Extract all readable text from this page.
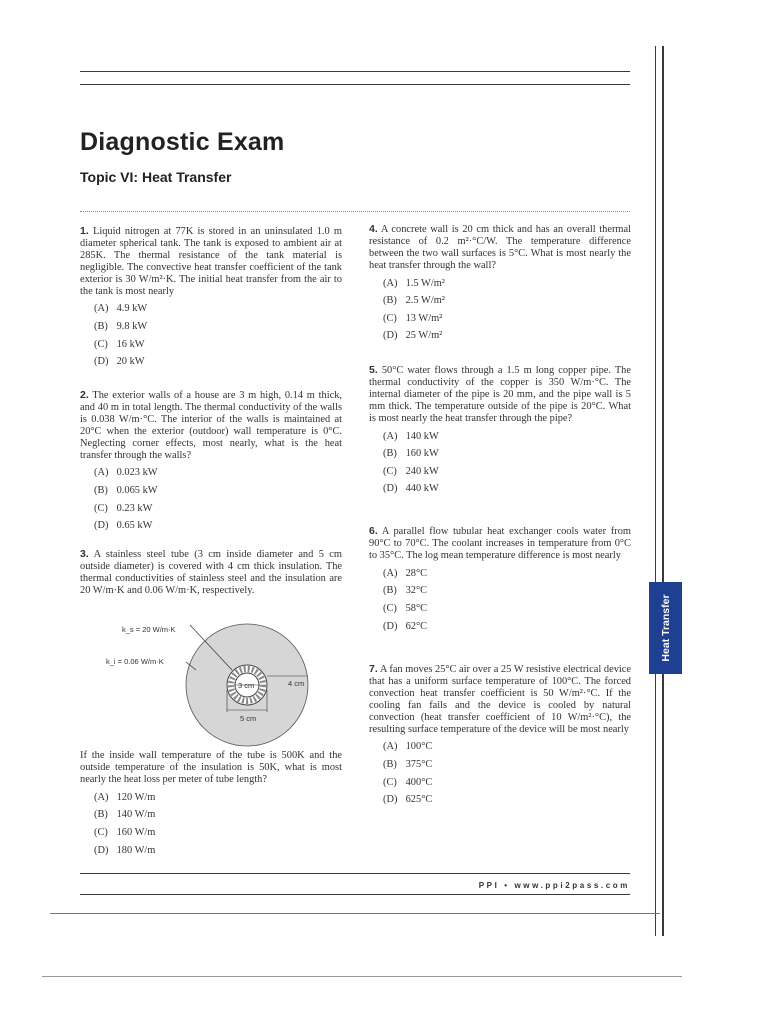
Diagnostic Exam
Topic VI: Heat Transfer
Heat Transfer
1. Liquid nitrogen at 77K is stored in an uninsulated 1.0 m diameter spherical tank. The tank is exposed to ambient air at 285K. The thermal resistance of the tank material is negligible. The convective heat transfer coefficient of the tank exterior is 30 W/m²·K. The initial heat transfer from the air to the tank is most nearly
(A) 4.9 kW
(B) 9.8 kW
(C) 16 kW
(D) 20 kW
2. The exterior walls of a house are 3 m high, 0.14 m thick, and 40 m in total length. The thermal conductivity of the walls is 0.038 W/m·°C. The interior of the walls is maintained at 20°C when the exterior (outdoor) wall temperature is 0°C. Neglecting corner effects, most nearly, what is the heat transfer through the walls?
(A) 0.023 kW
(B) 0.065 kW
(C) 0.23 kW
(D) 0.65 kW
3. A stainless steel tube (3 cm inside diameter and 5 cm outside diameter) is covered with 4 cm thick insulation. The thermal conductivities of stainless steel and the insulation are 20 W/m·K and 0.06 W/m·K, respectively.
k_s = 20 W/m·K
k_i = 0.06 W/m·K
3 cm	4 cm
5 cm
If the inside wall temperature of the tube is 500K and the outside temperature of the insulation is 50K, what is most nearly the heat loss per meter of tube length?
(A) 120 W/m
(B) 140 W/m
(C) 160 W/m
(D) 180 W/m
4. A concrete wall is 20 cm thick and has an overall thermal resistance of 0.2 m²·°C/W. The temperature difference between the two wall surfaces is 5°C. What is most nearly the heat transfer through the wall?
(A) 1.5 W/m²
(B) 2.5 W/m²
(C) 13 W/m²
(D) 25 W/m²
5. 50°C water flows through a 1.5 m long copper pipe. The thermal conductivity of the copper is 350 W/m·°C. The internal diameter of the pipe is 20 mm, and the pipe wall is 5 mm thick. The temperature outside of the pipe is 20°C. What is most nearly the heat transfer through the pipe?
(A) 140 kW
(B) 160 kW
(C) 240 kW
(D) 440 kW
6. A parallel flow tubular heat exchanger cools water from 90°C to 70°C. The coolant increases in temperature from 0°C to 35°C. The log mean temperature difference is most nearly
(A) 28°C
(B) 32°C
(C) 58°C
(D) 62°C
7. A fan moves 25°C air over a 25 W resistive electrical device that has a uniform surface temperature of 100°C. The forced convection heat transfer coefficient is 50 W/m²·°C. If the cooling fan fails and the device is cooled by natural convection (heat transfer coefficient of 10 W/m²·°C), the resulting surface temperature of the device will be most nearly
(A) 100°C
(B) 375°C
(C) 400°C
(D) 625°C
PPI • www.ppi2pass.com
